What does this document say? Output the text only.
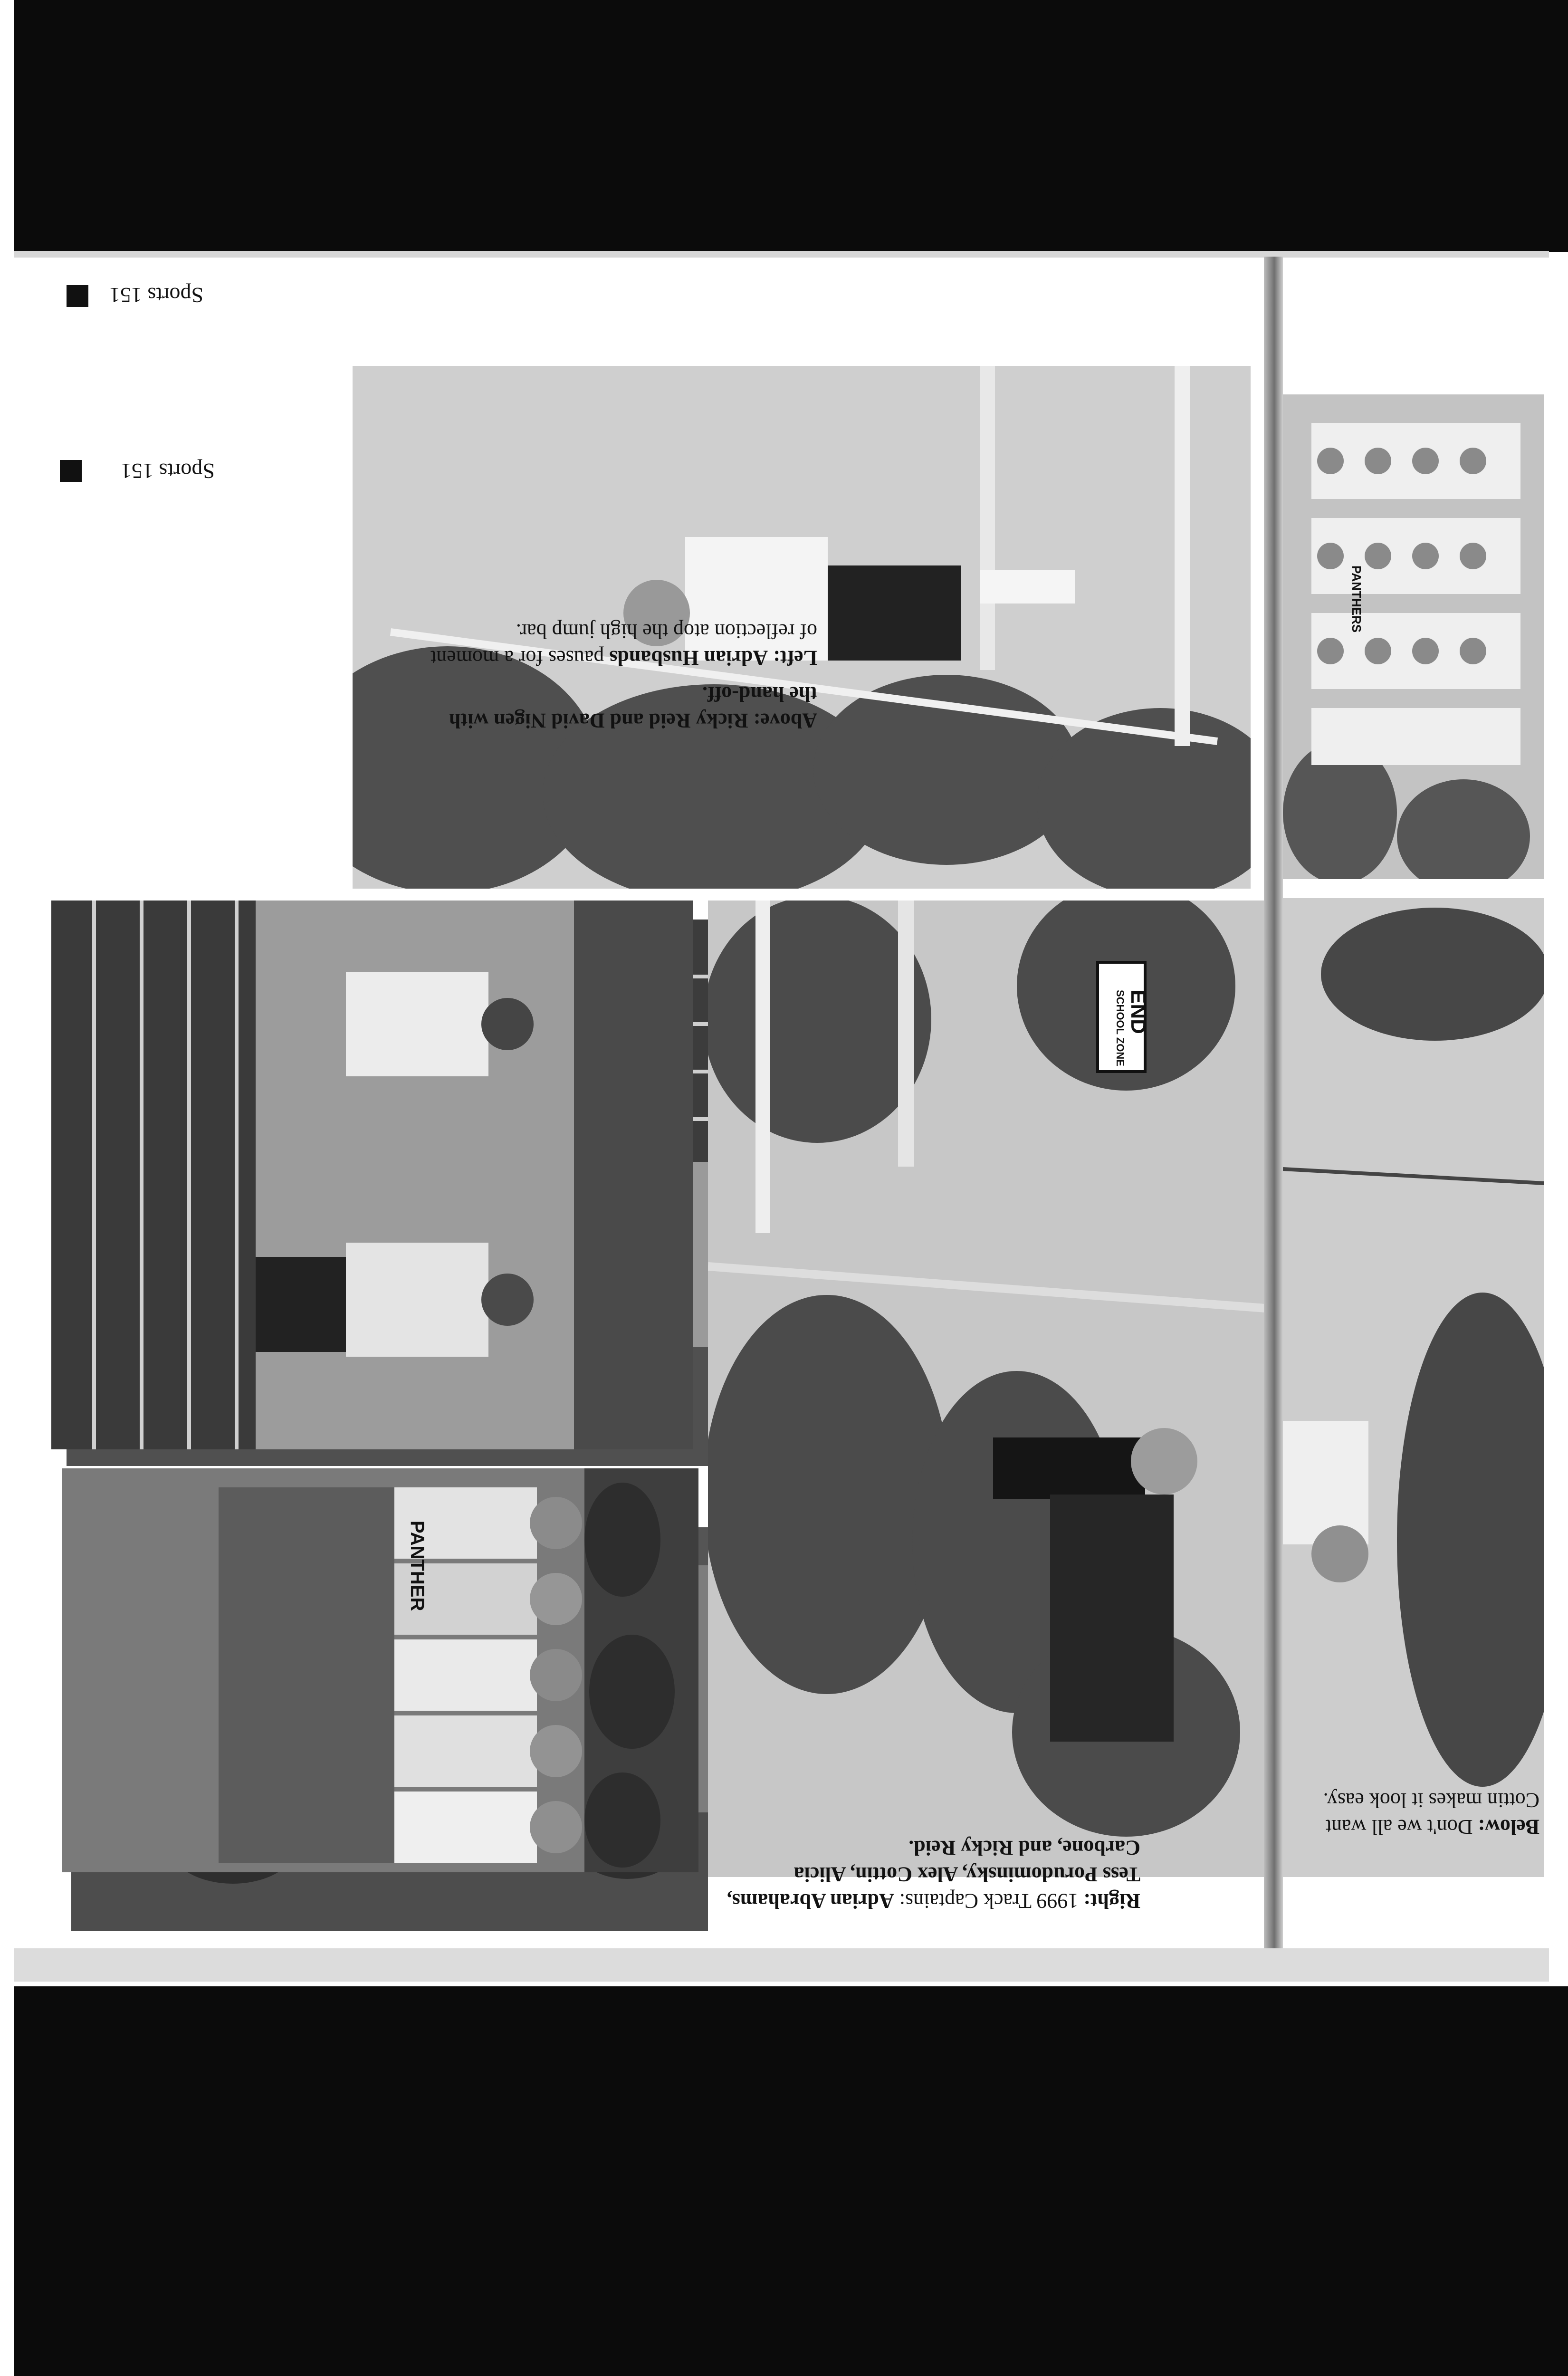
Sports 151
PANTHER
END
SCHOOL ZONE
PANTHERS
Right: 1999 Track Captains: Adrian Abrahams, Tess Porudominsky, Alex Cottin, Alicia Carbone, and Ricky Reid.
Above: Ricky Reid and David Nigen with the hand-off.
Left: Adrian Husbands pauses for a moment of reflection atop the high jump bar.
Below: Don't we all want Cottin makes it look easy.
Sports 151
